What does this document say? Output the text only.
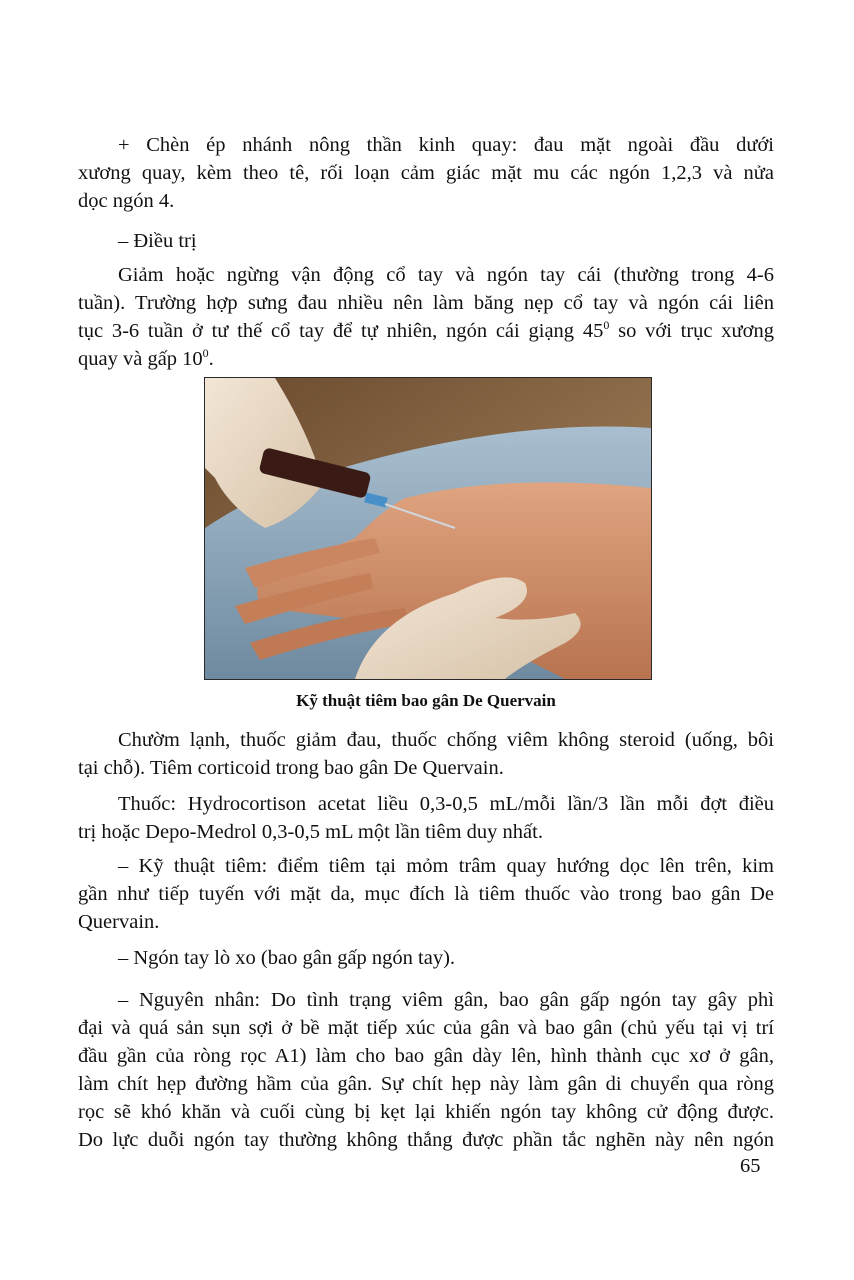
+ Chèn ép nhánh nông thần kinh quay: đau mặt ngoài đầu dưới
xương quay, kèm theo tê, rối loạn cảm giác mặt mu các ngón 1,2,3 và nửa
dọc ngón 4.
– Điều trị
Giảm hoặc ngừng vận động cổ tay và ngón tay cái (thường trong 4-6
tuần). Trường hợp sưng đau nhiều nên làm băng nẹp cổ tay và ngón cái liên
tục 3-6 tuần ở tư thế cổ tay để tự nhiên, ngón cái giạng $45^0$ so với trục xương
quay và gấp $10^0$.
Kỹ thuật tiêm bao gân De Quervain
Chườm lạnh, thuốc giảm đau, thuốc chống viêm không steroid (uống, bôi
tại chỗ). Tiêm corticoid trong bao gân De Quervain.
Thuốc: Hydrocortison acetat liều 0,3-0,5 mL/mỗi lần/3 lần mỗi đợt điều
trị hoặc Depo-Medrol 0,3-0,5 mL một lần tiêm duy nhất.
– Kỹ thuật tiêm: điểm tiêm tại mỏm trâm quay hướng dọc lên trên, kim
gần như tiếp tuyến với mặt da, mục đích là tiêm thuốc vào trong bao gân De
Quervain.
– Ngón tay lò xo (bao gân gấp ngón tay).
– Nguyên nhân: Do tình trạng viêm gân, bao gân gấp ngón tay gây phì
đại và quá sản sụn sợi ở bề mặt tiếp xúc của gân và bao gân (chủ yếu tại vị trí
đầu gần của ròng rọc A1) làm cho bao gân dày lên, hình thành cục xơ ở gân,
làm chít hẹp đường hầm của gân. Sự chít hẹp này làm gân di chuyển qua ròng
rọc sẽ khó khăn và cuối cùng bị kẹt lại khiến ngón tay không cử động được.
Do lực duỗi ngón tay thường không thắng được phần tắc nghẽn này nên ngón
65
